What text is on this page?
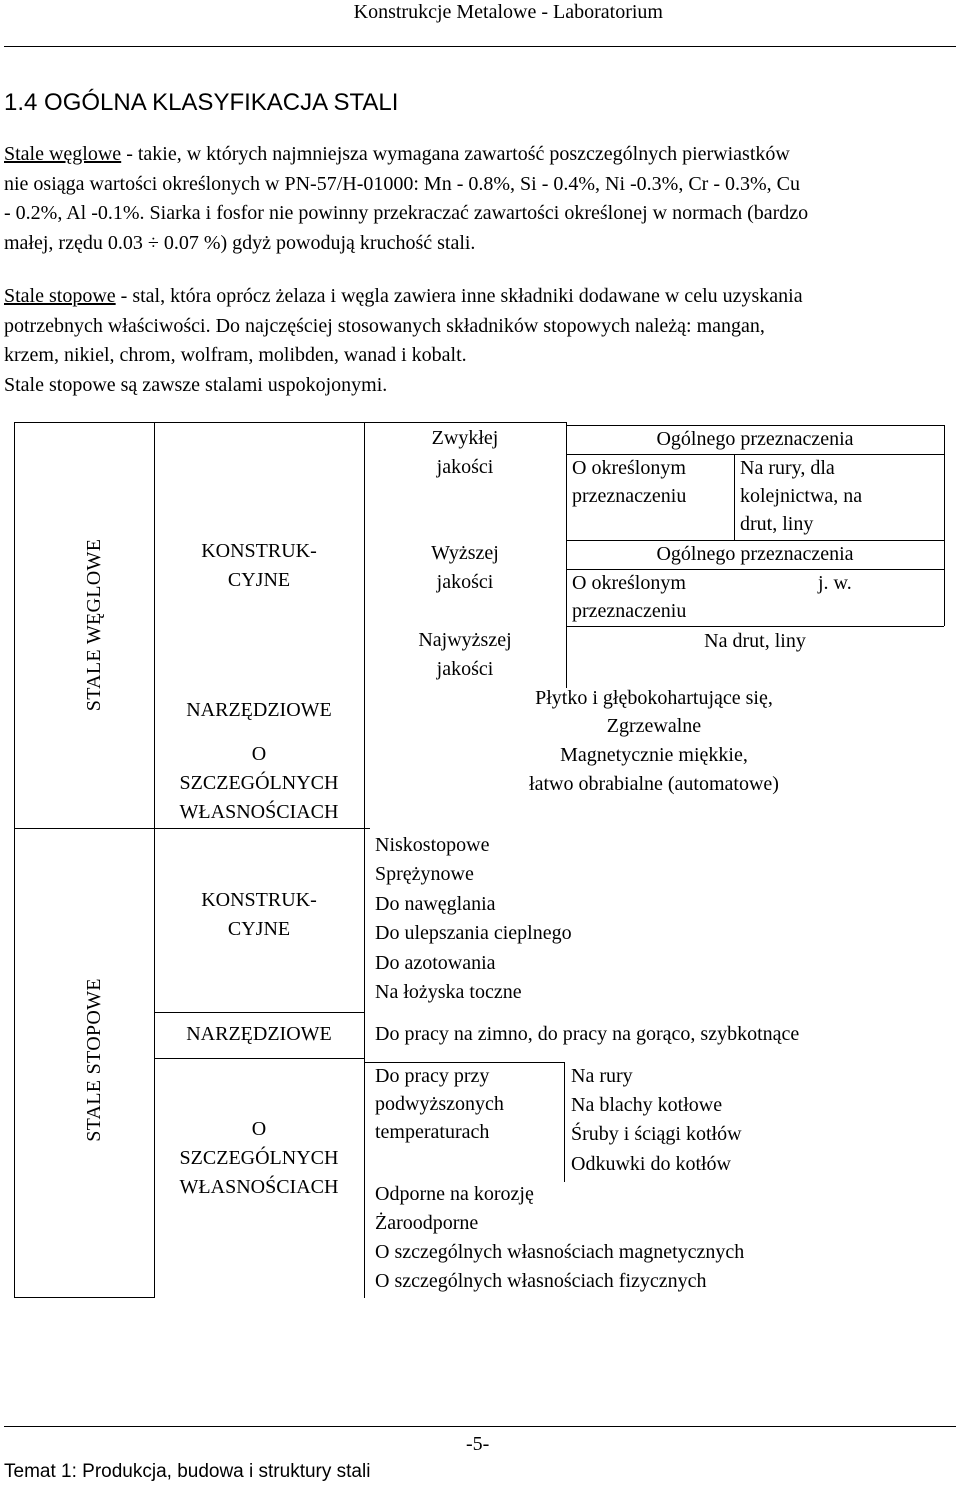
Konstrukcje Metalowe - Laboratorium
1.4 OGÓLNA KLASYFIKACJA STALI

Stale węglowe - takie, w których najmniejsza wymagana zawartość poszczególnych pierwiastków

nie osiąga wartości określonych w PN-57/H-01000: Mn - 0.8%, Si - 0.4%, Ni -0.3%, Cr - 0.3%, Cu

- 0.2%, Al -0.1%. Siarka i fosfor nie powinny przekraczać zawartości określonej w normach (bardzo

małej, rzędu 0.03 ÷ 0.07 %) gdyż powodują kruchość stali.

Stale stopowe - stal, która oprócz żelaza i węgla zawiera inne składniki dodawane w celu uzyskania

potrzebnych właściwości. Do najczęściej stosowanych składników stopowych należą: mangan,

krzem, nikiel, chrom, wolfram, molibden, wanad i kobalt.

Stale stopowe są zawsze stalami uspokojonymi.

STALE WĘGLOWE
STALE STOPOWE
KONSTRUK-
CYJNE
NARZĘDZIOWE
O
SZCZEGÓLNYCH
WŁASNOŚCIACH
Zwykłej
jakości
Wyższej
jakości
Najwyższej
jakości
Ogólnego przeznaczenia
O określonym
przeznaczeniu
Na rury, dla
kolejnictwa, na
drut, liny
Ogólnego przeznaczenia
O określonym
przeznaczeniu
j. w.
Na drut, liny
Płytko i głębokohartujące się,
Zgrzewalne
Magnetycznie miękkie,
łatwo obrabialne (automatowe)
KONSTRUK-
CYJNE
NARZĘDZIOWE
O
SZCZEGÓLNYCH
WŁASNOŚCIACH
Niskostopowe
Sprężynowe
Do nawęglania
Do ulepszania cieplnego
Do azotowania
Na łożyska toczne
Do pracy na zimno, do pracy na gorąco, szybkotnące
Do pracy przy
podwyższonych
temperaturach
Na rury
Na blachy kotłowe
Śruby i ściągi kotłów
Odkuwki do kotłów
Odporne na korozję
Żaroodporne
O szczególnych własnościach magnetycznych
O szczególnych własnościach fizycznych
-5-
Temat 1: Produkcja, budowa i struktury stali
